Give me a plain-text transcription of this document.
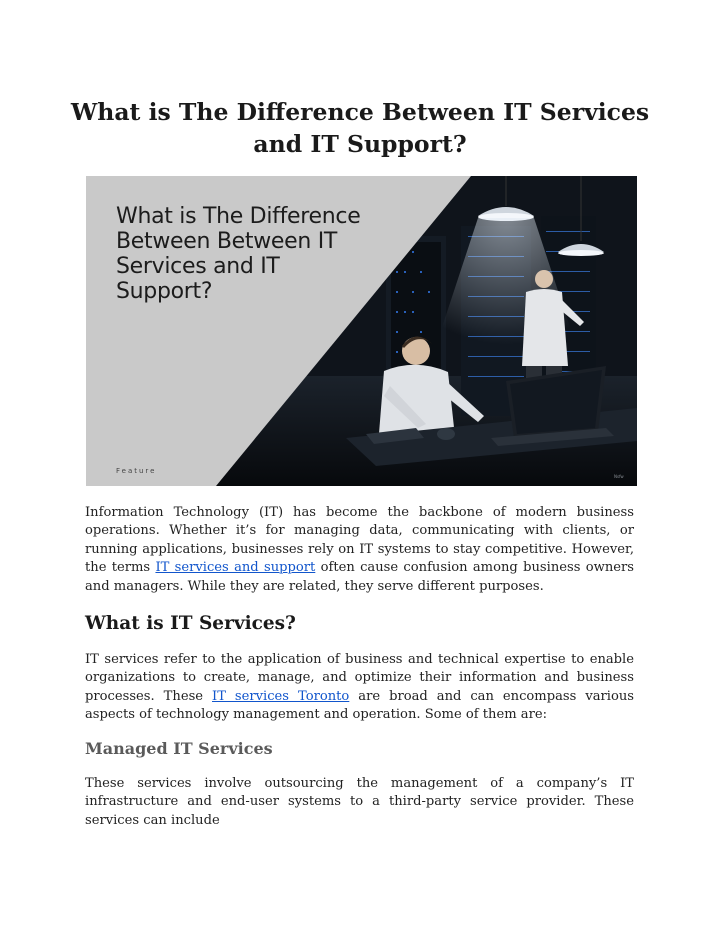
What is The Difference Between IT Services and IT Support?

What is The Difference Between Between IT Services and IT Support?

Feature
Nsfw

Information Technology (IT) has become the backbone of modern business operations. Whether it’s for managing data, communicating with clients, or running applications, businesses rely on IT systems to stay competitive. However, the terms IT services and support often cause confusion among business owners and managers. While they are related, they serve different purposes.

What is IT Services?

IT services refer to the application of business and technical expertise to enable organizations to create, manage, and optimize their information and business processes. These IT services Toronto are broad and can encompass various aspects of technology management and operation. Some of them are:

Managed IT Services

These services involve outsourcing the management of a company’s IT infrastructure and end-user systems to a third-party service provider. These services can include
